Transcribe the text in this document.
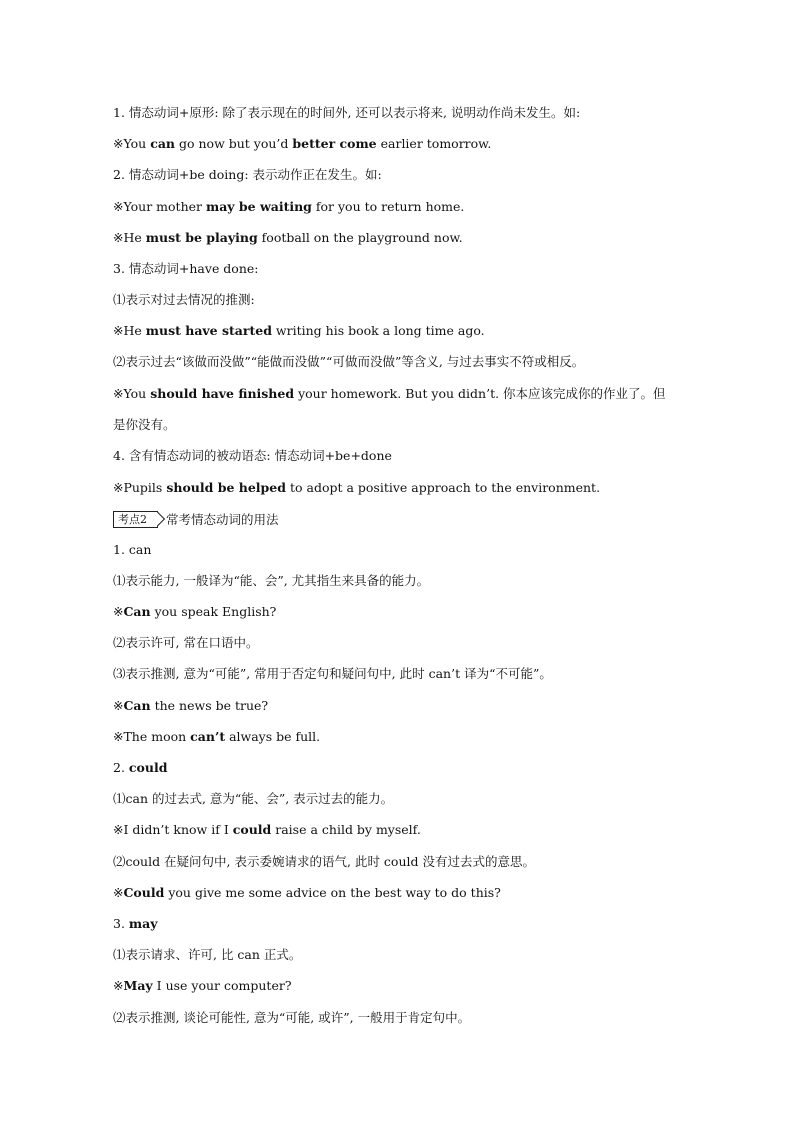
1. 情态动词+原形: 除了表示现在的时间外, 还可以表示将来, 说明动作尚未发生。如:

※You can go now but you’d better come earlier tomorrow.

2. 情态动词+be doing: 表示动作正在发生。如:

※Your mother may be waiting for you to return home.

※He must be playing football on the playground now.

3. 情态动词+have done:

⑴表示对过去情况的推测:

※He must have started writing his book a long time ago.

⑵表示过去“该做而没做”“能做而没做”“可做而没做”等含义, 与过去事实不符或相反。

※You should have finished your homework. But you didn’t. 你本应该完成你的作业了。但

是你没有。

4. 含有情态动词的被动语态: 情态动词+be+done

※Pupils should be helped to adopt a positive approach to the environment.

1. can

⑴表示能力, 一般译为“能、会”, 尤其指生来具备的能力。

※Can you speak English?

⑵表示许可, 常在口语中。

⑶表示推测, 意为“可能”, 常用于否定句和疑问句中, 此时 can’t 译为“不可能”。

※Can the news be true?

※The moon can’t always be full.

2. could

⑴can 的过去式, 意为“能、会”, 表示过去的能力。

※I didn’t know if I could raise a child by myself.

⑵could 在疑问句中, 表示委婉请求的语气, 此时 could 没有过去式的意思。

※Could you give me some advice on the best way to do this?

3. may

⑴表示请求、许可, 比 can 正式。

※May I use your computer?

⑵表示推测, 谈论可能性, 意为“可能, 或许”, 一般用于肯定句中。

考点2	常考情态动词的用法
